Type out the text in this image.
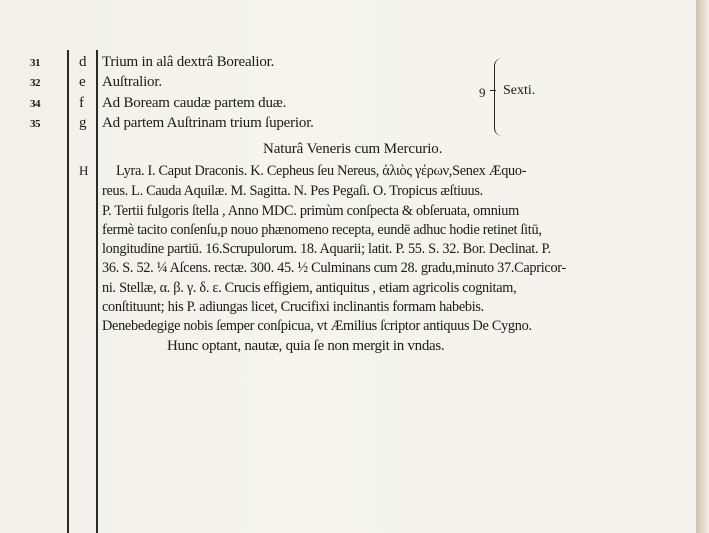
31	d Trium in alâ dextrâ Borealior.
32	e Auſtralior.
34	f Ad Boream caudæ partem duæ.
35	g Ad partem Auſtrinam trium ſuperior.
9 Sexti.
Naturâ Veneris cum Mercurio.
H Lyra. I. Caput Draconis. K. Cepheus ſeu Nereus, ἁλιὸς γέρων,Senex Æquo-
reus. L. Cauda Aquilæ. M. Sagitta. N. Pes Pegaſi. O. Tropicus æſtiuus.
P. Tertii fulgoris ſtella , Anno MDC. primùm conſpecta & obſeruata, omnium
fermè tacito conſenſu,p nouo phænomeno recepta, eundē adhuc hodie retinet ſitū,
longitudine partiū. 16.Scrupulorum. 18. Aquarii; latit. P. 55. S. 32. Bor. Declinat. P.
36. S. 52. ¼ Aſcens. rectæ. 300. 45. ½ Culminans cum 28. gradu,minuto 37.Capricor-
ni. Stellæ, α. β. γ. δ. ε. Crucis effigiem, antiquitus , etiam agricolis cognitam,
conſtituunt; his P. adiungas licet, Crucifixi inclinantis formam habebis.
Denebedegige nobis ſemper conſpicua, vt Æmilius ſcriptor antiquus De Cygno.
Hunc optant, nautæ, quia ſe non mergit in vndas.
